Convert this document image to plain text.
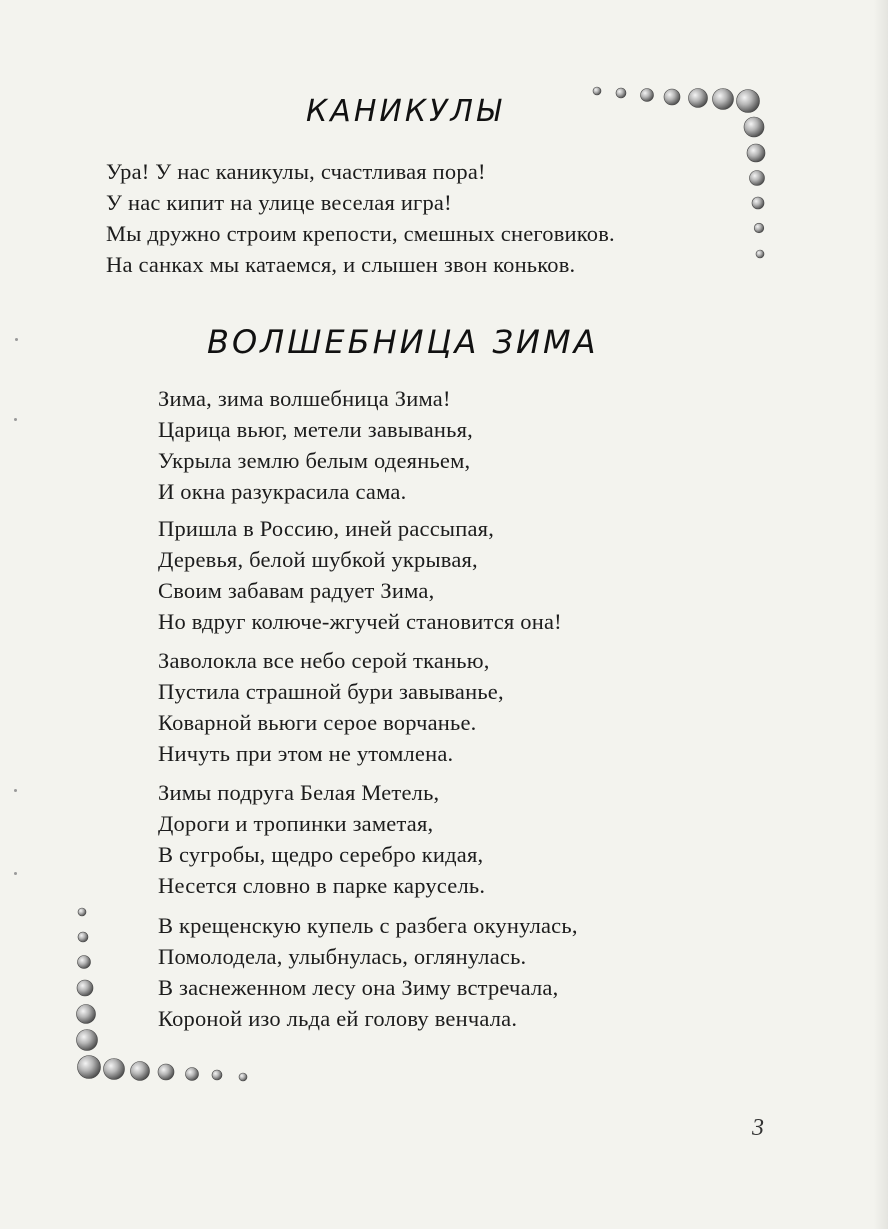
КАНИКУЛЫ
Ура! У нас каникулы, счастливая пора!
У нас кипит на улице веселая игра!
Мы дружно строим крепости, смешных снеговиков.
На санках мы катаемся, и слышен звон коньков.
ВОЛШЕБНИЦА ЗИМА
Зима, зима волшебница Зима!
Царица вьюг, метели завыванья,
Укрыла землю белым одеяньем,
И окна разукрасила сама.
Пришла в Россию, иней рассыпая,
Деревья, белой шубкой укрывая,
Своим забавам радует Зима,
Но вдруг колюче-жгучей становится она!
Заволокла все небо серой тканью,
Пустила страшной бури завыванье,
Коварной вьюги серое ворчанье.
Ничуть при этом не утомлена.
Зимы подруга Белая Метель,
Дороги и тропинки заметая,
В сугробы, щедро серебро кидая,
Несется словно в парке карусель.
В крещенскую купель с разбега окунулась,
Помолодела, улыбнулась, оглянулась.
В заснеженном лесу она Зиму встречала,
Короной изо льда ей голову венчала.
3
